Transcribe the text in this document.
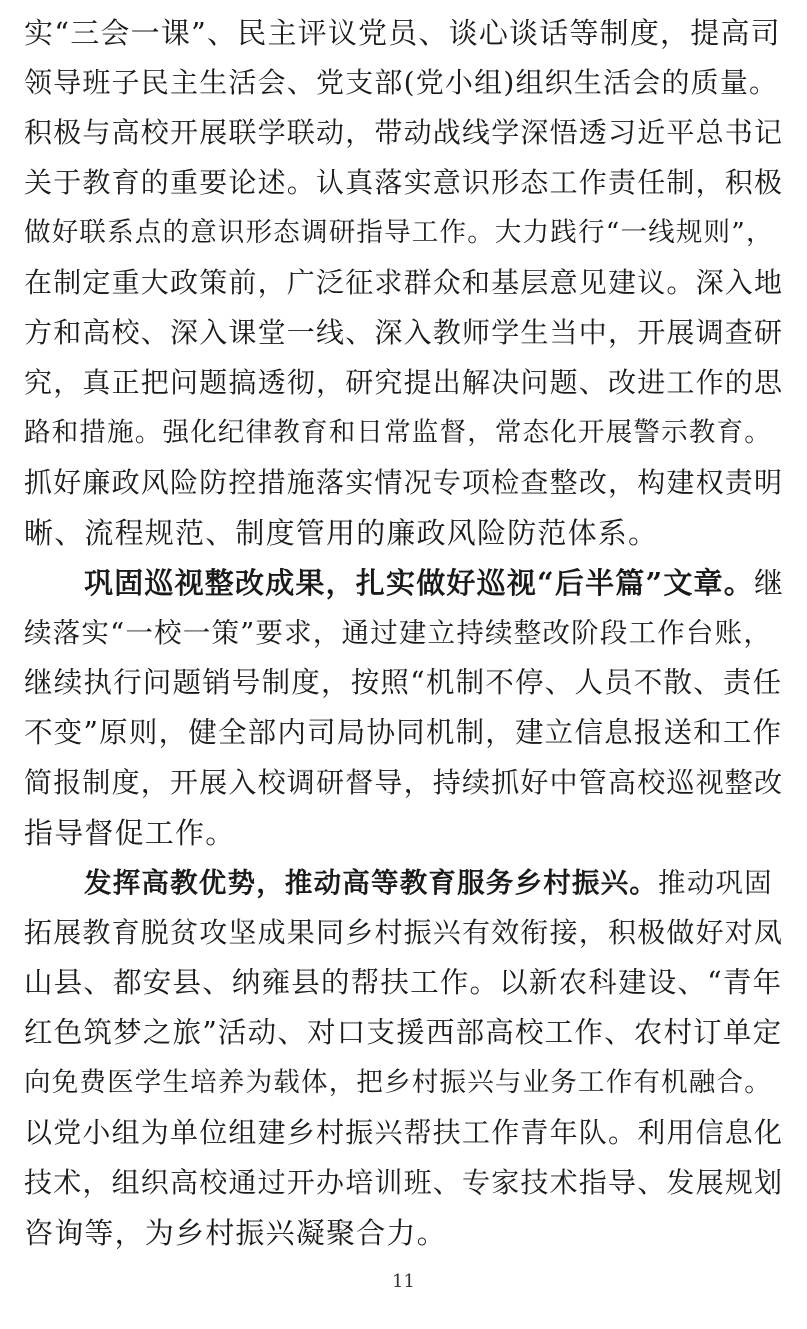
实“三会一课”、民主评议党员、谈心谈话等制度，提高司
领导班子民主生活会、党支部(党小组)组织生活会的质量。
积极与高校开展联学联动，带动战线学深悟透习近平总书记
关于教育的重要论述。认真落实意识形态工作责任制，积极
做好联系点的意识形态调研指导工作。大力践行“一线规则”，
在制定重大政策前，广泛征求群众和基层意见建议。深入地
方和高校、深入课堂一线、深入教师学生当中，开展调查研
究，真正把问题搞透彻，研究提出解决问题、改进工作的思
路和措施。强化纪律教育和日常监督，常态化开展警示教育。
抓好廉政风险防控措施落实情况专项检查整改，构建权责明
晰、流程规范、制度管用的廉政风险防范体系。
巩固巡视整改成果，扎实做好巡视“后半篇”文章。继
续落实“一校一策”要求，通过建立持续整改阶段工作台账，
继续执行问题销号制度，按照“机制不停、人员不散、责任
不变”原则，健全部内司局协同机制，建立信息报送和工作
简报制度，开展入校调研督导，持续抓好中管高校巡视整改
指导督促工作。
发挥高教优势，推动高等教育服务乡村振兴。推动巩固
拓展教育脱贫攻坚成果同乡村振兴有效衔接，积极做好对凤
山县、都安县、纳雍县的帮扶工作。以新农科建设、“青年
红色筑梦之旅”活动、对口支援西部高校工作、农村订单定
向免费医学生培养为载体，把乡村振兴与业务工作有机融合。
以党小组为单位组建乡村振兴帮扶工作青年队。利用信息化
技术，组织高校通过开办培训班、专家技术指导、发展规划
咨询等，为乡村振兴凝聚合力。
11
